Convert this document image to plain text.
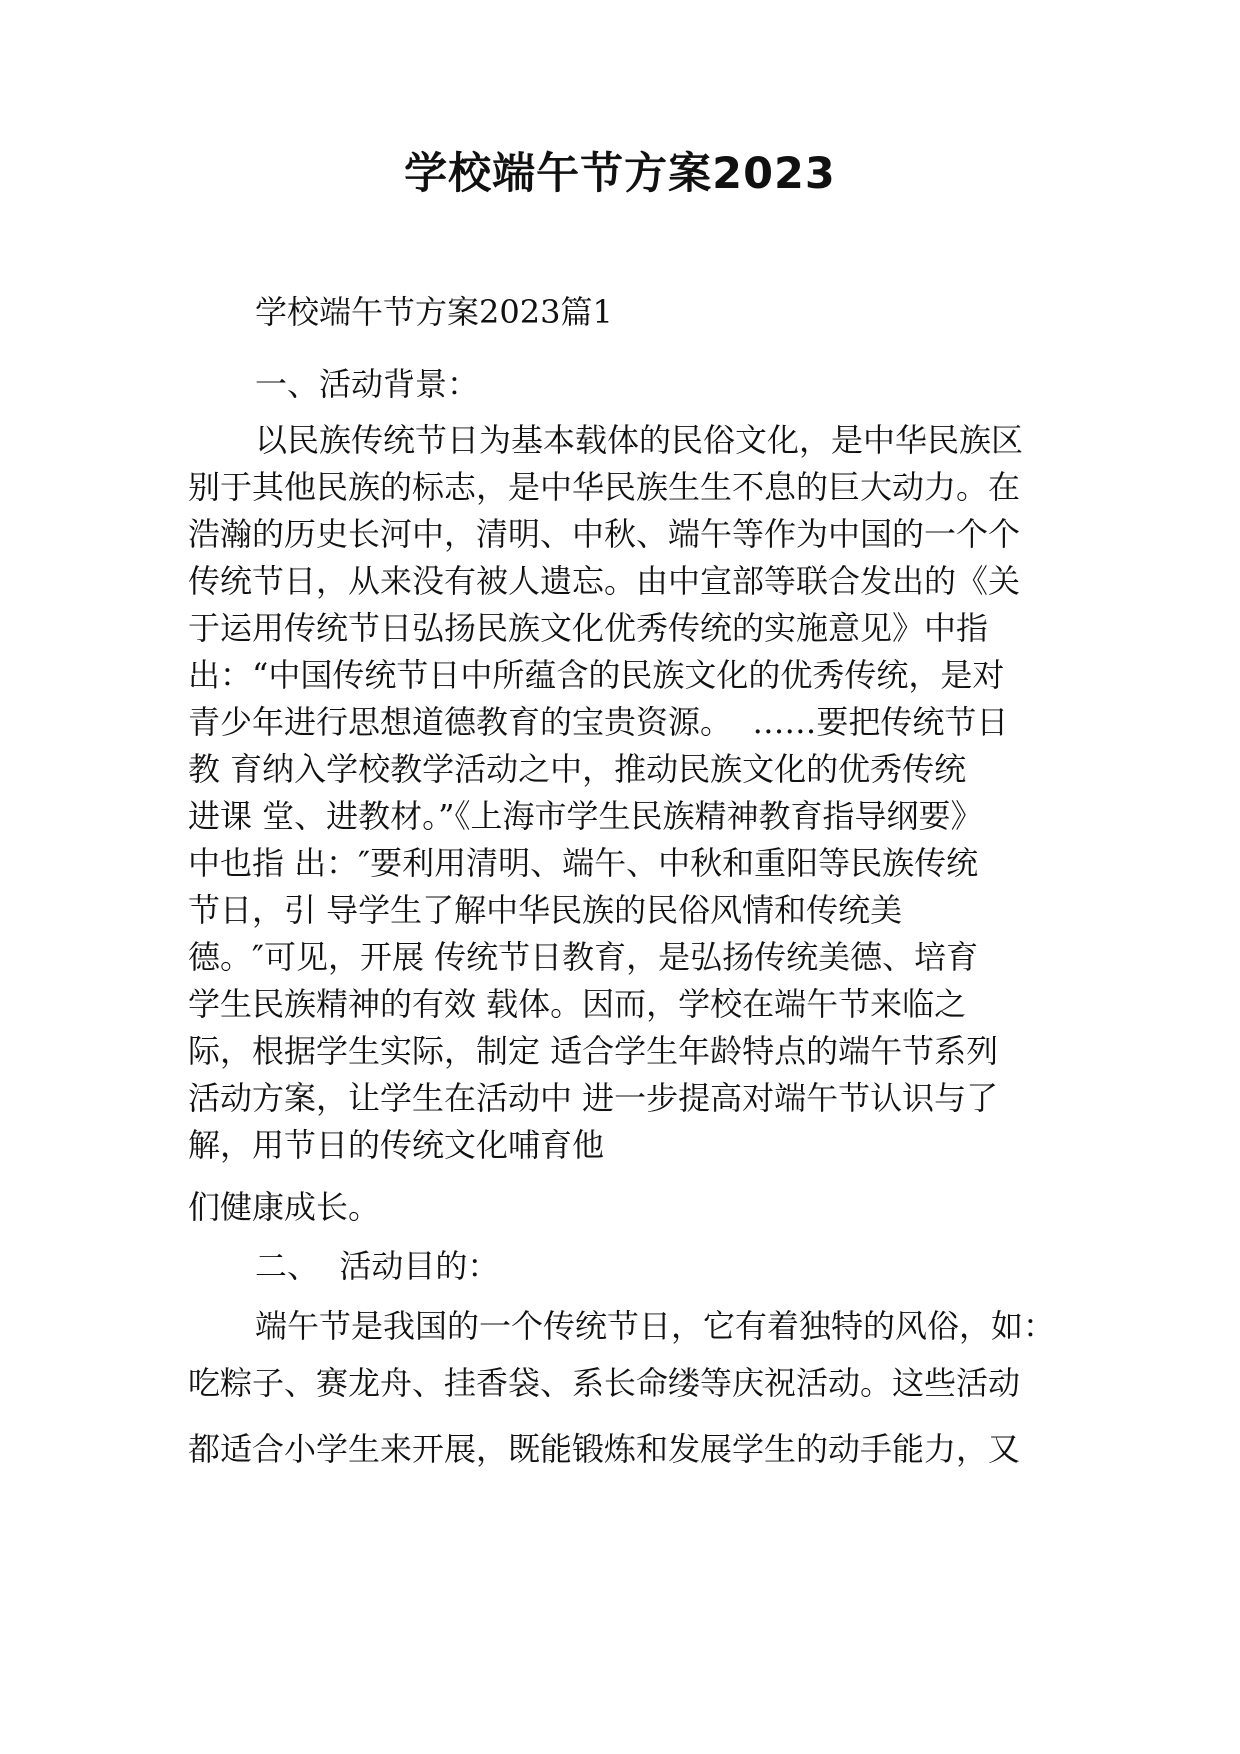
学校端午节方案2023

学校端午节方案2023篇1

一、活动背景：

以民族传统节日为基本载体的民俗文化，是中华民族区

别于其他民族的标志，是中华民族生生不息的巨大动力。在

浩瀚的历史长河中，清明、中秋、端午等作为中国的一个个

传统节日，从来没有被人遗忘。由中宣部等联合发出的《关

于运用传统节日弘扬民族文化优秀传统的实施意见》中指

出：“中国传统节日中所蕴含的民族文化的优秀传统，是对

青少年进行思想道德教育的宝贵资源。  ……要把传统节日

教 育纳入学校教学活动之中，推动民族文化的优秀传统

进课 堂、进教材。”《上海市学生民族精神教育指导纲要》

中也指 出：″要利用清明、端午、中秋和重阳等民族传统

节日，引 导学生了解中华民族的民俗风情和传统美

德。″可见，开展 传统节日教育，是弘扬传统美德、培育

学生民族精神的有效 载体。因而，学校在端午节来临之

际，根据学生实际，制定 适合学生年龄特点的端午节系列

活动方案，让学生在活动中 进一步提高对端午节认识与了

解，用节日的传统文化哺育他

们健康成长。

二、  活动目的：

端午节是我国的一个传统节日，它有着独特的风俗，如：

吃粽子、赛龙舟、挂香袋、系长命缕等庆祝活动。这些活动

都适合小学生来开展，既能锻炼和发展学生的动手能力，又
